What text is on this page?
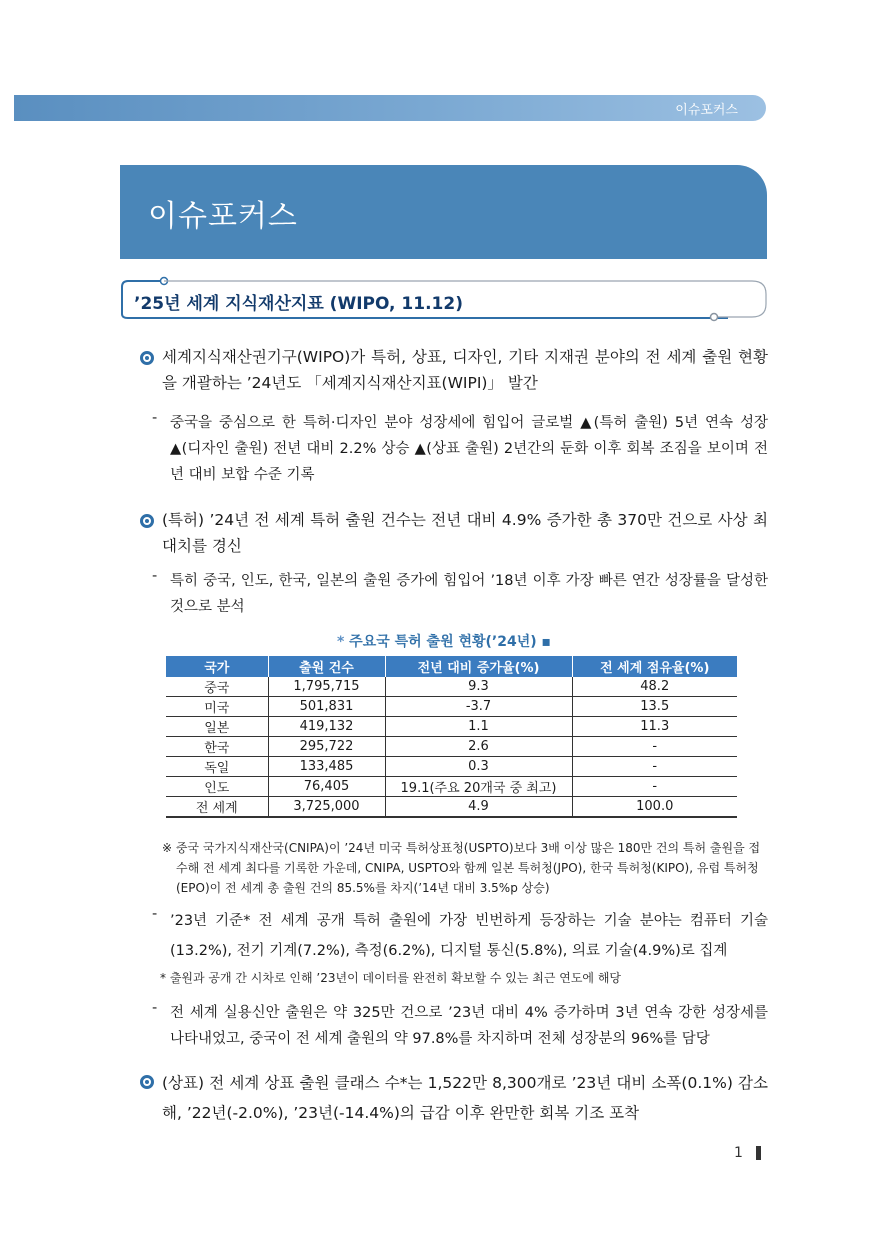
이슈포커스
이슈포커스
’25년 세계 지식재산지표 (WIPO, 11.12)
세계지식재산권기구(WIPO)가 특허, 상표, 디자인, 기타 지재권 분야의 전 세계 출원 현황을 개괄하는 ’24년도 「세계지식재산지표(WIPI)」 발간
- 중국을 중심으로 한 특허·디자인 분야 성장세에 힘입어 글로벌 ▲(특허 출원) 5년 연속 성장 ▲(디자인 출원) 전년 대비 2.2% 상승 ▲(상표 출원) 2년간의 둔화 이후 회복 조짐을 보이며 전년 대비 보합 수준 기록
(특허) ’24년 전 세계 특허 출원 건수는 전년 대비 4.9% 증가한 총 370만 건으로 사상 최대치를 경신
- 특히 중국, 인도, 한국, 일본의 출원 증가에 힘입어 ’18년 이후 가장 빠른 연간 성장률을 달성한 것으로 분석
* 주요국 특허 출원 현황(’24년) ▪
국가	출원 건수	전년 대비 증가율(%)	전 세계 점유율(%)
중국	1,795,715	9.3	48.2
미국	501,831	-3.7	13.5
일본	419,132	1.1	11.3
한국	295,722	2.6	-
독일	133,485	0.3	-
인도	76,405	19.1(주요 20개국 중 최고)	-
전 세계	3,725,000	4.9	100.0
※ 중국 국가지식재산국(CNIPA)이 ’24년 미국 특허상표청(USPTO)보다 3배 이상 많은 180만 건의 특허 출원을 접수해 전 세계 최다를 기록한 가운데, CNIPA, USPTO와 함께 일본 특허청(JPO), 한국 특허청(KIPO), 유럽 특허청(EPO)이 전 세계 총 출원 건의 85.5%를 차지(’14년 대비 3.5%p 상승)
- ’23년 기준* 전 세계 공개 특허 출원에 가장 빈번하게 등장하는 기술 분야는 컴퓨터 기술(13.2%), 전기 기계(7.2%), 측정(6.2%), 디지털 통신(5.8%), 의료 기술(4.9%)로 집계
* 출원과 공개 간 시차로 인해 ’23년이 데이터를 완전히 확보할 수 있는 최근 연도에 해당
- 전 세계 실용신안 출원은 약 325만 건으로 ’23년 대비 4% 증가하며 3년 연속 강한 성장세를 나타내었고, 중국이 전 세계 출원의 약 97.8%를 차지하며 전체 성장분의 96%를 담당
(상표) 전 세계 상표 출원 클래스 수*는 1,522만 8,300개로 ’23년 대비 소폭(0.1%) 감소해, ’22년(-2.0%), ’23년(-14.4%)의 급감 이후 완만한 회복 기조 포착
1
